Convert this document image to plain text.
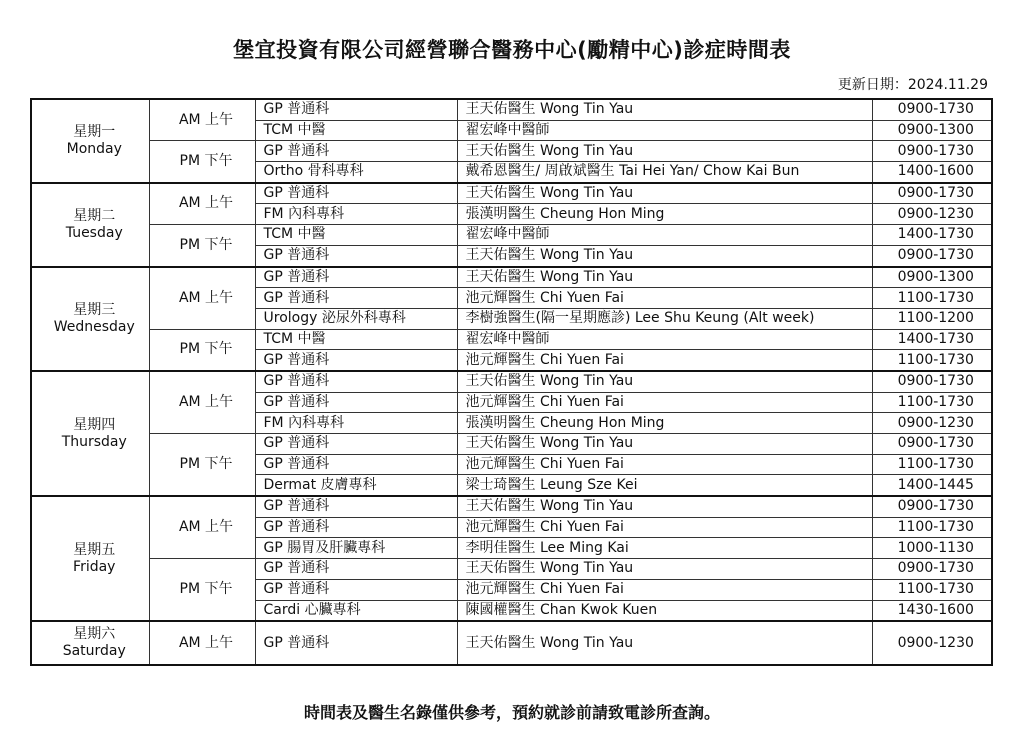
堡宜投資有限公司經營聯合醫務中心(勵精中心)診症時間表
更新日期：2024.11.29
星期一
Monday	AM 上午	GP 普通科	王天佑醫生 Wong Tin Yau	0900-1730
		TCM 中醫	翟宏峰中醫師	0900-1300
	PM 下午	GP 普通科	王天佑醫生 Wong Tin Yau	0900-1730
		Ortho 骨科專科	戴希恩醫生/ 周啟斌醫生 Tai Hei Yan/ Chow Kai Bun	1400-1600

星期二
Tuesday	AM 上午	GP 普通科	王天佑醫生 Wong Tin Yau	0900-1730
		FM 內科專科	張漢明醫生 Cheung Hon Ming	0900-1230
	PM 下午	TCM 中醫	翟宏峰中醫師	1400-1730
		GP 普通科	王天佑醫生 Wong Tin Yau	0900-1730

星期三
Wednesday	AM 上午	GP 普通科	王天佑醫生 Wong Tin Yau	0900-1300
		GP 普通科	池元輝醫生 Chi Yuen Fai	1100-1730
		Urology 泌尿外科專科	李樹強醫生(隔一星期應診) Lee Shu Keung (Alt week)	1100-1200
	PM 下午	TCM 中醫	翟宏峰中醫師	1400-1730
		GP 普通科	池元輝醫生 Chi Yuen Fai	1100-1730

星期四
Thursday	AM 上午	GP 普通科	王天佑醫生 Wong Tin Yau	0900-1730
		GP 普通科	池元輝醫生 Chi Yuen Fai	1100-1730
		FM 內科專科	張漢明醫生 Cheung Hon Ming	0900-1230
	PM 下午	GP 普通科	王天佑醫生 Wong Tin Yau	0900-1730
		GP 普通科	池元輝醫生 Chi Yuen Fai	1100-1730
		Dermat 皮膚專科	梁士琦醫生 Leung Sze Kei	1400-1445

星期五
Friday	AM 上午	GP 普通科	王天佑醫生 Wong Tin Yau	0900-1730
		GP 普通科	池元輝醫生 Chi Yuen Fai	1100-1730
		GP 腸胃及肝臟專科	李明佳醫生 Lee Ming Kai	1000-1130
	PM 下午	GP 普通科	王天佑醫生 Wong Tin Yau	0900-1730
		GP 普通科	池元輝醫生 Chi Yuen Fai	1100-1730
		Cardi 心臟專科	陳國權醫生 Chan Kwok Kuen	1430-1600

星期六
Saturday	AM 上午	GP 普通科	王天佑醫生 Wong Tin Yau	0900-1230
時間表及醫生名錄僅供參考，預約就診前請致電診所查詢。
